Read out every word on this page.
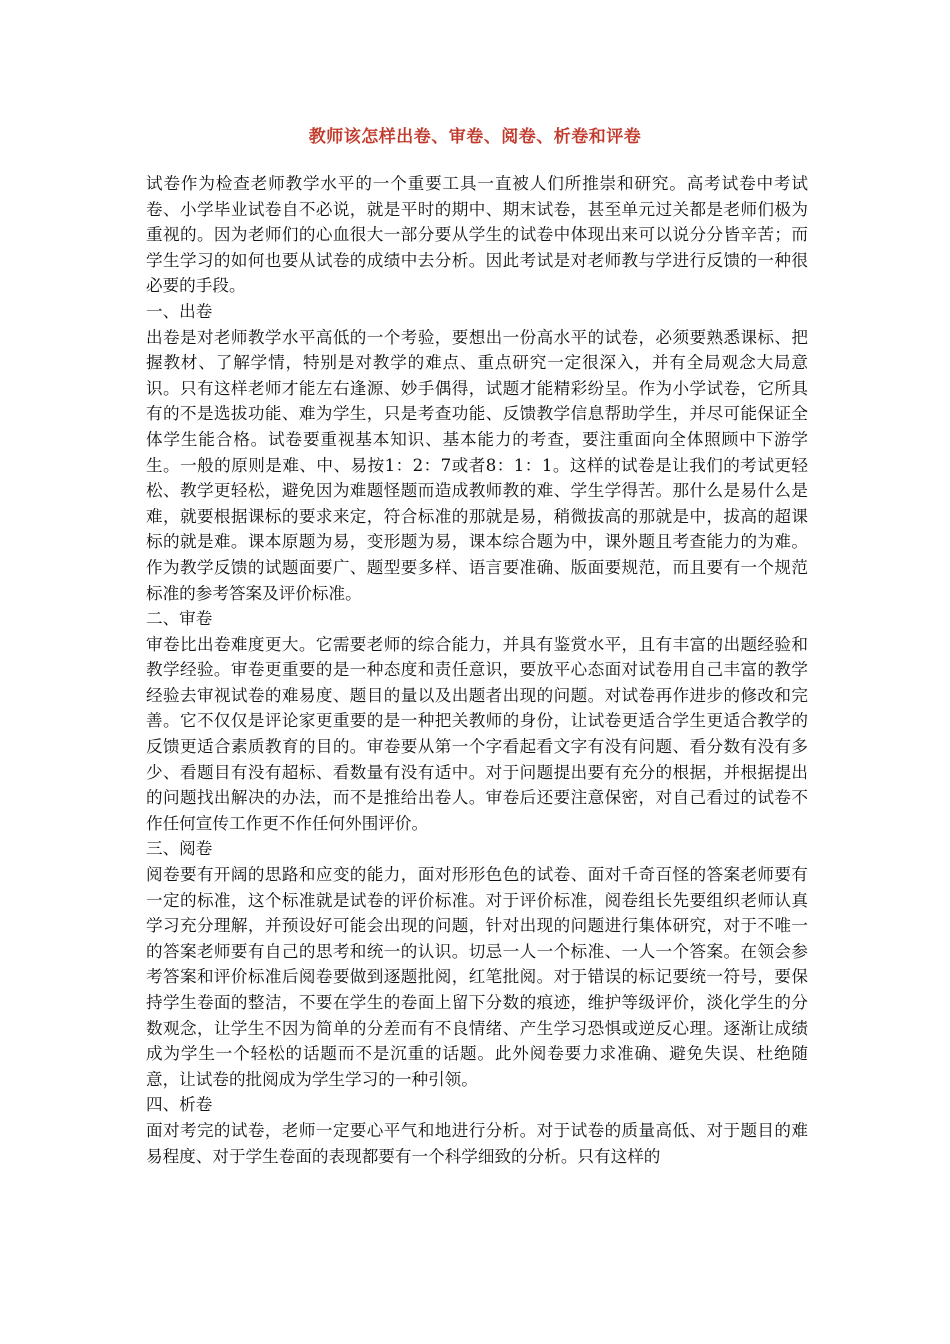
教师该怎样出卷、审卷、阅卷、析卷和评卷

试卷作为检查老师教学水平的一个重要工具一直被人们所推崇和研究。高考试卷中考试卷、小学毕业试卷自不必说，就是平时的期中、期末试卷，甚至单元过关都是老师们极为重视的。因为老师们的心血很大一部分要从学生的试卷中体现出来可以说分分皆辛苦；而学生学习的如何也要从试卷的成绩中去分析。因此考试是对老师教与学进行反馈的一种很必要的手段。

一、出卷

出卷是对老师教学水平高低的一个考验，要想出一份高水平的试卷，必须要熟悉课标、把握教材、了解学情，特别是对教学的难点、重点研究一定很深入，并有全局观念大局意识。只有这样老师才能左右逢源、妙手偶得，试题才能精彩纷呈。作为小学试卷，它所具有的不是选拔功能、难为学生，只是考查功能、反馈教学信息帮助学生，并尽可能保证全体学生能合格。试卷要重视基本知识、基本能力的考查，要注重面向全体照顾中下游学生。一般的原则是难、中、易按1：2：7或者8：1：1。这样的试卷是让我们的考试更轻松、教学更轻松，避免因为难题怪题而造成教师教的难、学生学得苦。那什么是易什么是难，就要根据课标的要求来定，符合标准的那就是易，稍微拔高的那就是中，拔高的超课标的就是难。课本原题为易，变形题为易，课本综合题为中，课外题且考查能力的为难。作为教学反馈的试题面要广、题型要多样、语言要准确、版面要规范，而且要有一个规范标准的参考答案及评价标准。

二、审卷

审卷比出卷难度更大。它需要老师的综合能力，并具有鉴赏水平，且有丰富的出题经验和教学经验。审卷更重要的是一种态度和责任意识，要放平心态面对试卷用自己丰富的教学经验去审视试卷的难易度、题目的量以及出题者出现的问题。对试卷再作进步的修改和完善。它不仅仅是评论家更重要的是一种把关教师的身份，让试卷更适合学生更适合教学的反馈更适合素质教育的目的。审卷要从第一个字看起看文字有没有问题、看分数有没有多少、看题目有没有超标、看数量有没有适中。对于问题提出要有充分的根据，并根据提出的问题找出解决的办法，而不是推给出卷人。审卷后还要注意保密，对自己看过的试卷不作任何宣传工作更不作任何外围评价。

三、阅卷

阅卷要有开阔的思路和应变的能力，面对形形色色的试卷、面对千奇百怪的答案老师要有一定的标准，这个标准就是试卷的评价标准。对于评价标准，阅卷组长先要组织老师认真学习充分理解，并预设好可能会出现的问题，针对出现的问题进行集体研究，对于不唯一的答案老师要有自己的思考和统一的认识。切忌一人一个标准、一人一个答案。在领会参考答案和评价标准后阅卷要做到逐题批阅，红笔批阅。对于错误的标记要统一符号，要保持学生卷面的整洁，不要在学生的卷面上留下分数的痕迹，维护等级评价，淡化学生的分数观念，让学生不因为简单的分差而有不良情绪、产生学习恐惧或逆反心理。逐渐让成绩成为学生一个轻松的话题而不是沉重的话题。此外阅卷要力求准确、避免失误、杜绝随意，让试卷的批阅成为学生学习的一种引领。

四、析卷

面对考完的试卷，老师一定要心平气和地进行分析。对于试卷的质量高低、对于题目的难易程度、对于学生卷面的表现都要有一个科学细致的分析。只有这样的
